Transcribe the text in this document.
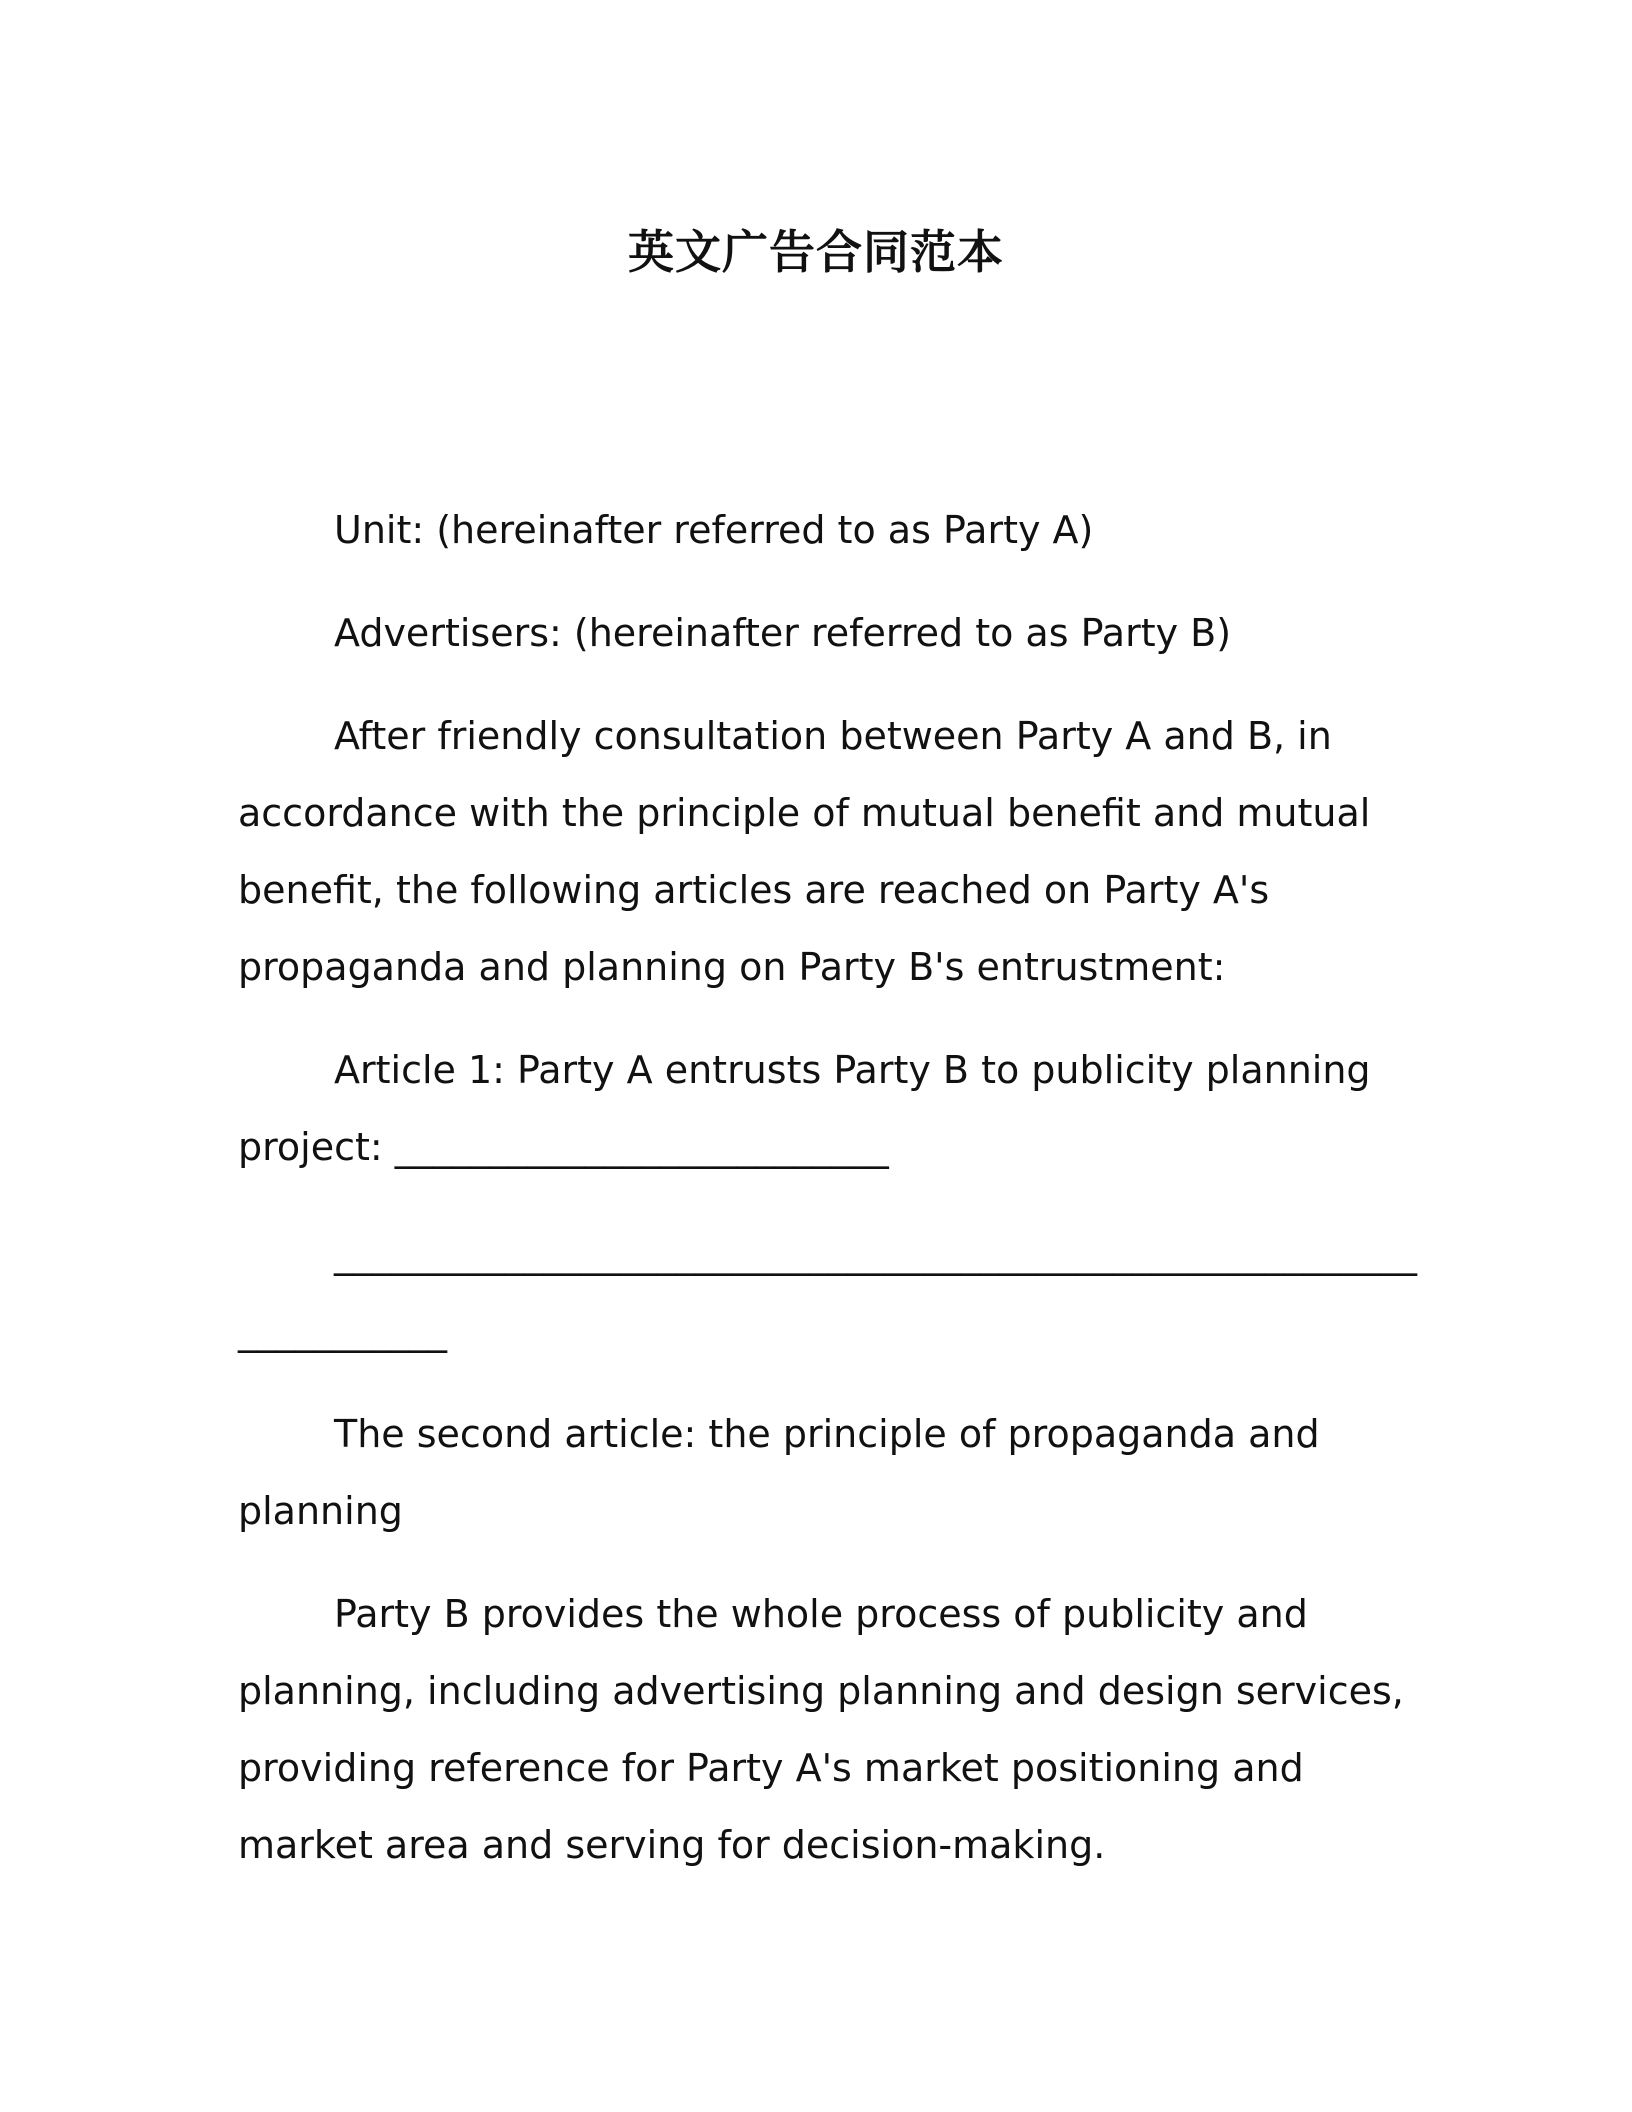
英文广告合同范本

Unit: (hereinafter referred to as Party A)

Advertisers: (hereinafter referred to as Party B)

After friendly consultation between Party A and B, in accordance with the principle of mutual benefit and mutual benefit, the following articles are reached on Party A's propaganda and planning on Party B's entrustment:

Article 1: Party A entrusts Party B to publicity planning project: __________________________

____________________________________________________________________

The second article: the principle of propaganda and planning

Party B provides the whole process of publicity and planning, including advertising planning and design services, providing reference for Party A's market positioning and market area and serving for decision-making.
